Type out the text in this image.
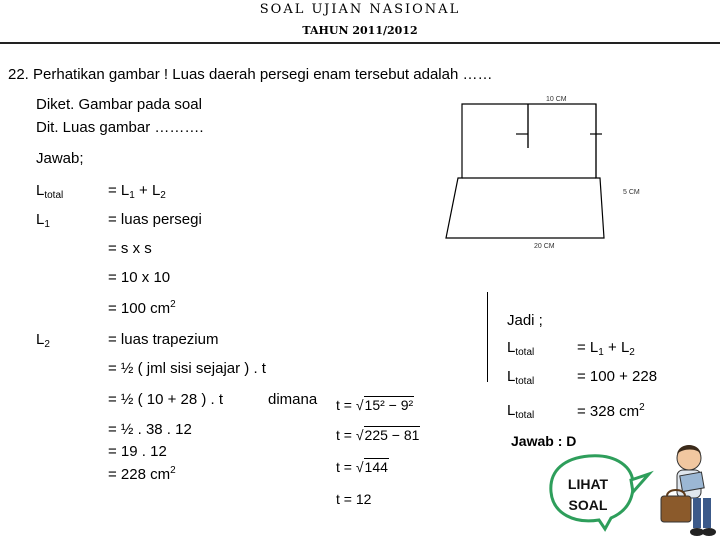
SOAL UJIAN NASIONAL
TAHUN 2011/2012
22. Perhatikan gambar ! Luas daerah persegi enam tersebut adalah ……
Diket. Gambar pada soal
Dit. Luas gambar ……….
Jawab;
10 CM
5 CM
20 CM
$L_{total}$	= $L_1 + L_2$
$L_1$	= luas persegi
= s x s
= 10 x 10
= 100 $cm^2$
$L_2$	= luas trapezium
= ½ ( jml sisi sejajar ) . t
= ½ ( 10 + 28 ) . t	dimana
= ½ . 38 . 12
= 19 . 12
= 228 $cm^2$
t = √15² − 9²
t = √225 − 81
t = √144
t = 12
Jadi ;
$L_{total}$	= $L_1 + L_2$
$L_{total}$	= 100 + 228
$L_{total}$	= 328 $cm^2$
Jawab : D
LIHAT
SOAL
